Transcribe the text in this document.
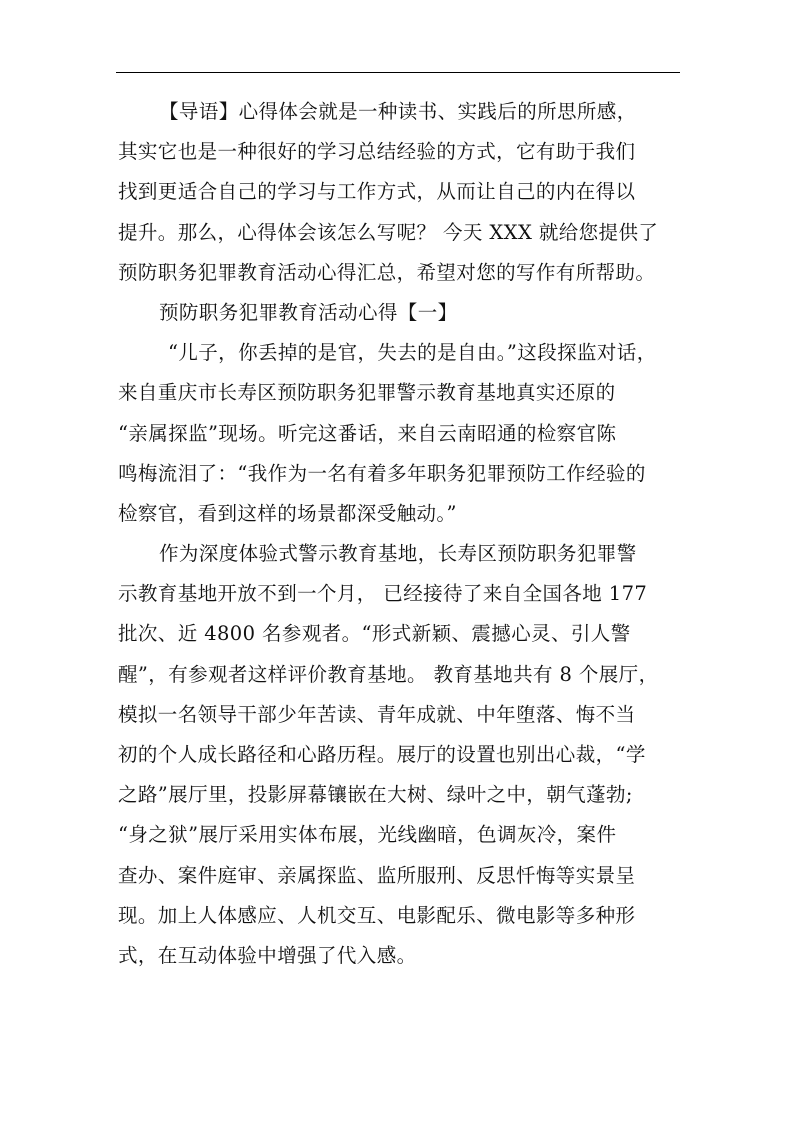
【导语】心得体会就是一种读书、实践后的所思所感，
其实它也是一种很好的学习总结经验的方式，它有助于我们
找到更适合自己的学习与工作方式，从而让自己的内在得以
提升。那么，心得体会该怎么写呢？ 今天 XXX 就给您提供了
预防职务犯罪教育活动心得汇总，希望对您的写作有所帮助。
预防职务犯罪教育活动心得【一】
“儿子，你丢掉的是官，失去的是自由。”这段探监对话，
来自重庆市长寿区预防职务犯罪警示教育基地真实还原的
“亲属探监”现场。听完这番话，来自云南昭通的检察官陈
鸣梅流泪了：“我作为一名有着多年职务犯罪预防工作经验的
检察官，看到这样的场景都深受触动。”
作为深度体验式警示教育基地，长寿区预防职务犯罪警
示教育基地开放不到一个月， 已经接待了来自全国各地 177
批次、近 4800 名参观者。“形式新颖、震撼心灵、引人警
醒”，有参观者这样评价教育基地。 教育基地共有 8 个展厅，
模拟一名领导干部少年苦读、青年成就、中年堕落、悔不当
初的个人成长路径和心路历程。展厅的设置也别出心裁，“学
之路”展厅里，投影屏幕镶嵌在大树、绿叶之中，朝气蓬勃;
“身之狱”展厅采用实体布展，光线幽暗，色调灰冷，案件
查办、案件庭审、亲属探监、监所服刑、反思忏悔等实景呈
现。加上人体感应、人机交互、电影配乐、微电影等多种形
式，在互动体验中增强了代入感。
